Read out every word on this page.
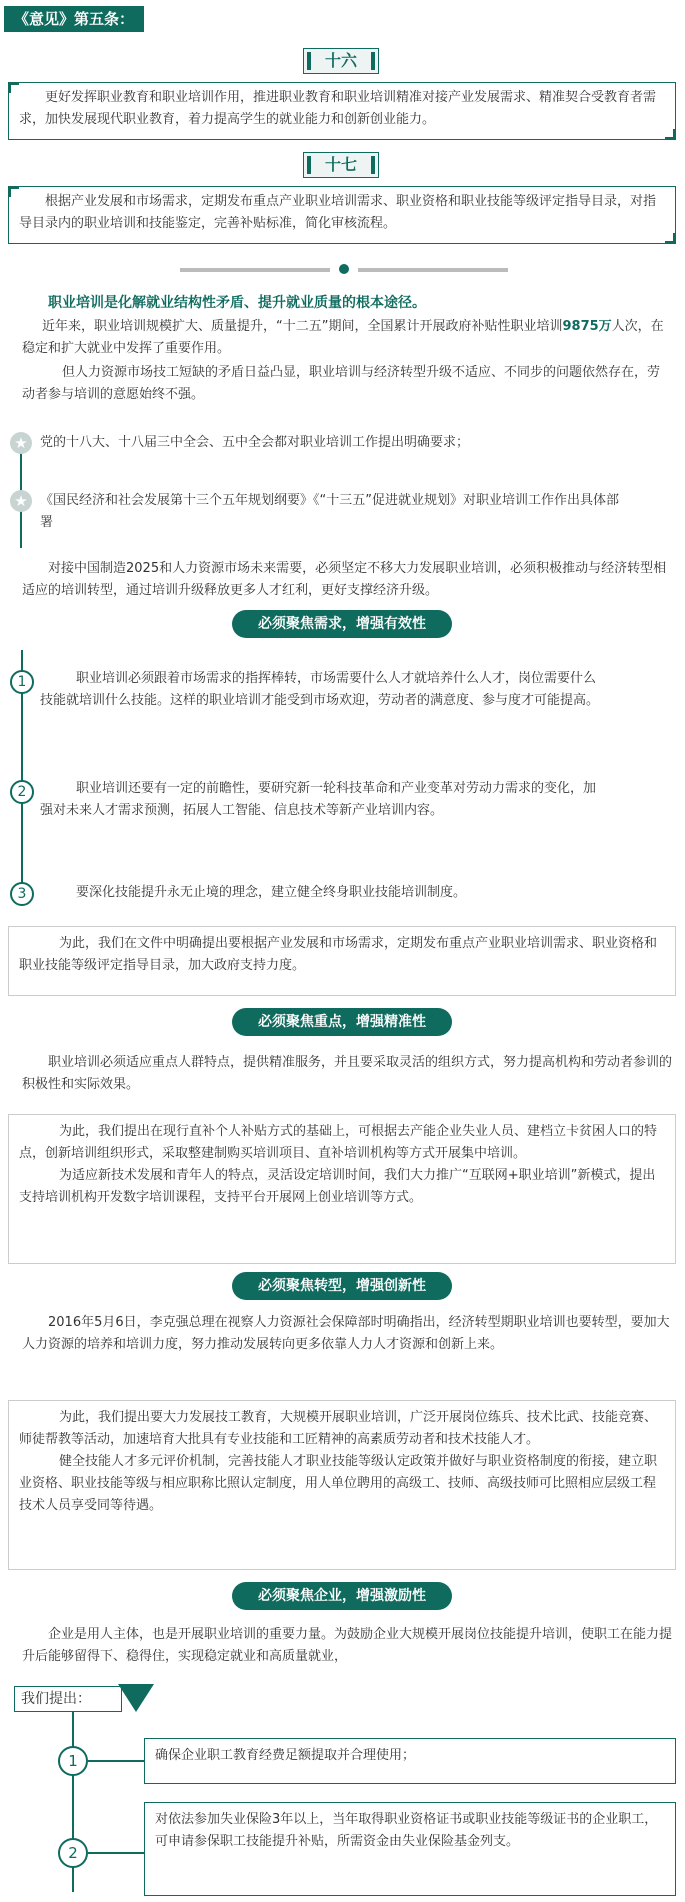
《意见》第五条：
十六
更好发挥职业教育和职业培训作用，推进职业教育和职业培训精准对接产业发展需求、精准契合受教育者需求，加快发展现代职业教育，着力提高学生的就业能力和创新创业能力。
十七
根据产业发展和市场需求，定期发布重点产业职业培训需求、职业资格和职业技能等级评定指导目录，对指导目录内的职业培训和技能鉴定，完善补贴标准，简化审核流程。
职业培训是化解就业结构性矛盾、提升就业质量的根本途径。
近年来，职业培训规模扩大、质量提升，“十二五”期间，全国累计开展政府补贴性职业培训9875万人次，在稳定和扩大就业中发挥了重要作用。
但人力资源市场技工短缺的矛盾日益凸显，职业培训与经济转型升级不适应、不同步的问题依然存在，劳动者参与培训的意愿始终不强。
★ 党的十八大、十八届三中全会、五中全会都对职业培训工作提出明确要求；
★ 《国民经济和社会发展第十三个五年规划纲要》《“十三五”促进就业规划》对职业培训工作作出具体部署
对接中国制造2025和人力资源市场未来需要，必须坚定不移大力发展职业培训，必须积极推动与经济转型相适应的培训转型，通过培训升级释放更多人才红利，更好支撑经济升级。
必须聚焦需求，增强有效性
1	职业培训必须跟着市场需求的指挥棒转，市场需要什么人才就培养什么人才，岗位需要什么技能就培训什么技能。这样的职业培训才能受到市场欢迎，劳动者的满意度、参与度才可能提高。
2	职业培训还要有一定的前瞻性，要研究新一轮科技革命和产业变革对劳动力需求的变化，加强对未来人才需求预测，拓展人工智能、信息技术等新产业培训内容。
3	要深化技能提升永无止境的理念，建立健全终身职业技能培训制度。
为此，我们在文件中明确提出要根据产业发展和市场需求，定期发布重点产业职业培训需求、职业资格和职业技能等级评定指导目录，加大政府支持力度。
必须聚焦重点，增强精准性
职业培训必须适应重点人群特点，提供精准服务，并且要采取灵活的组织方式，努力提高机构和劳动者参训的积极性和实际效果。
为此，我们提出在现行直补个人补贴方式的基础上，可根据去产能企业失业人员、建档立卡贫困人口的特点，创新培训组织形式，采取整建制购买培训项目、直补培训机构等方式开展集中培训。
为适应新技术发展和青年人的特点，灵活设定培训时间，我们大力推广“互联网+职业培训”新模式，提出支持培训机构开发数字培训课程，支持平台开展网上创业培训等方式。
必须聚焦转型，增强创新性
2016年5月6日，李克强总理在视察人力资源社会保障部时明确指出，经济转型期职业培训也要转型，要加大人力资源的培养和培训力度，努力推动发展转向更多依靠人力人才资源和创新上来。
为此，我们提出要大力发展技工教育，大规模开展职业培训，广泛开展岗位练兵、技术比武、技能竞赛、师徒帮教等活动，加速培育大批具有专业技能和工匠精神的高素质劳动者和技术技能人才。
健全技能人才多元评价机制，完善技能人才职业技能等级认定政策并做好与职业资格制度的衔接，建立职业资格、职业技能等级与相应职称比照认定制度，用人单位聘用的高级工、技师、高级技师可比照相应层级工程技术人员享受同等待遇。
必须聚焦企业，增强激励性
企业是用人主体，也是开展职业培训的重要力量。为鼓励企业大规模开展岗位技能提升培训，使职工在能力提升后能够留得下、稳得住，实现稳定就业和高质量就业，
我们提出：
1	确保企业职工教育经费足额提取并合理使用；
2
对依法参加失业保险3年以上，当年取得职业资格证书或职业技能等级证书的企业职工，可申请参保职工技能提升补贴，所需资金由失业保险基金列支。
